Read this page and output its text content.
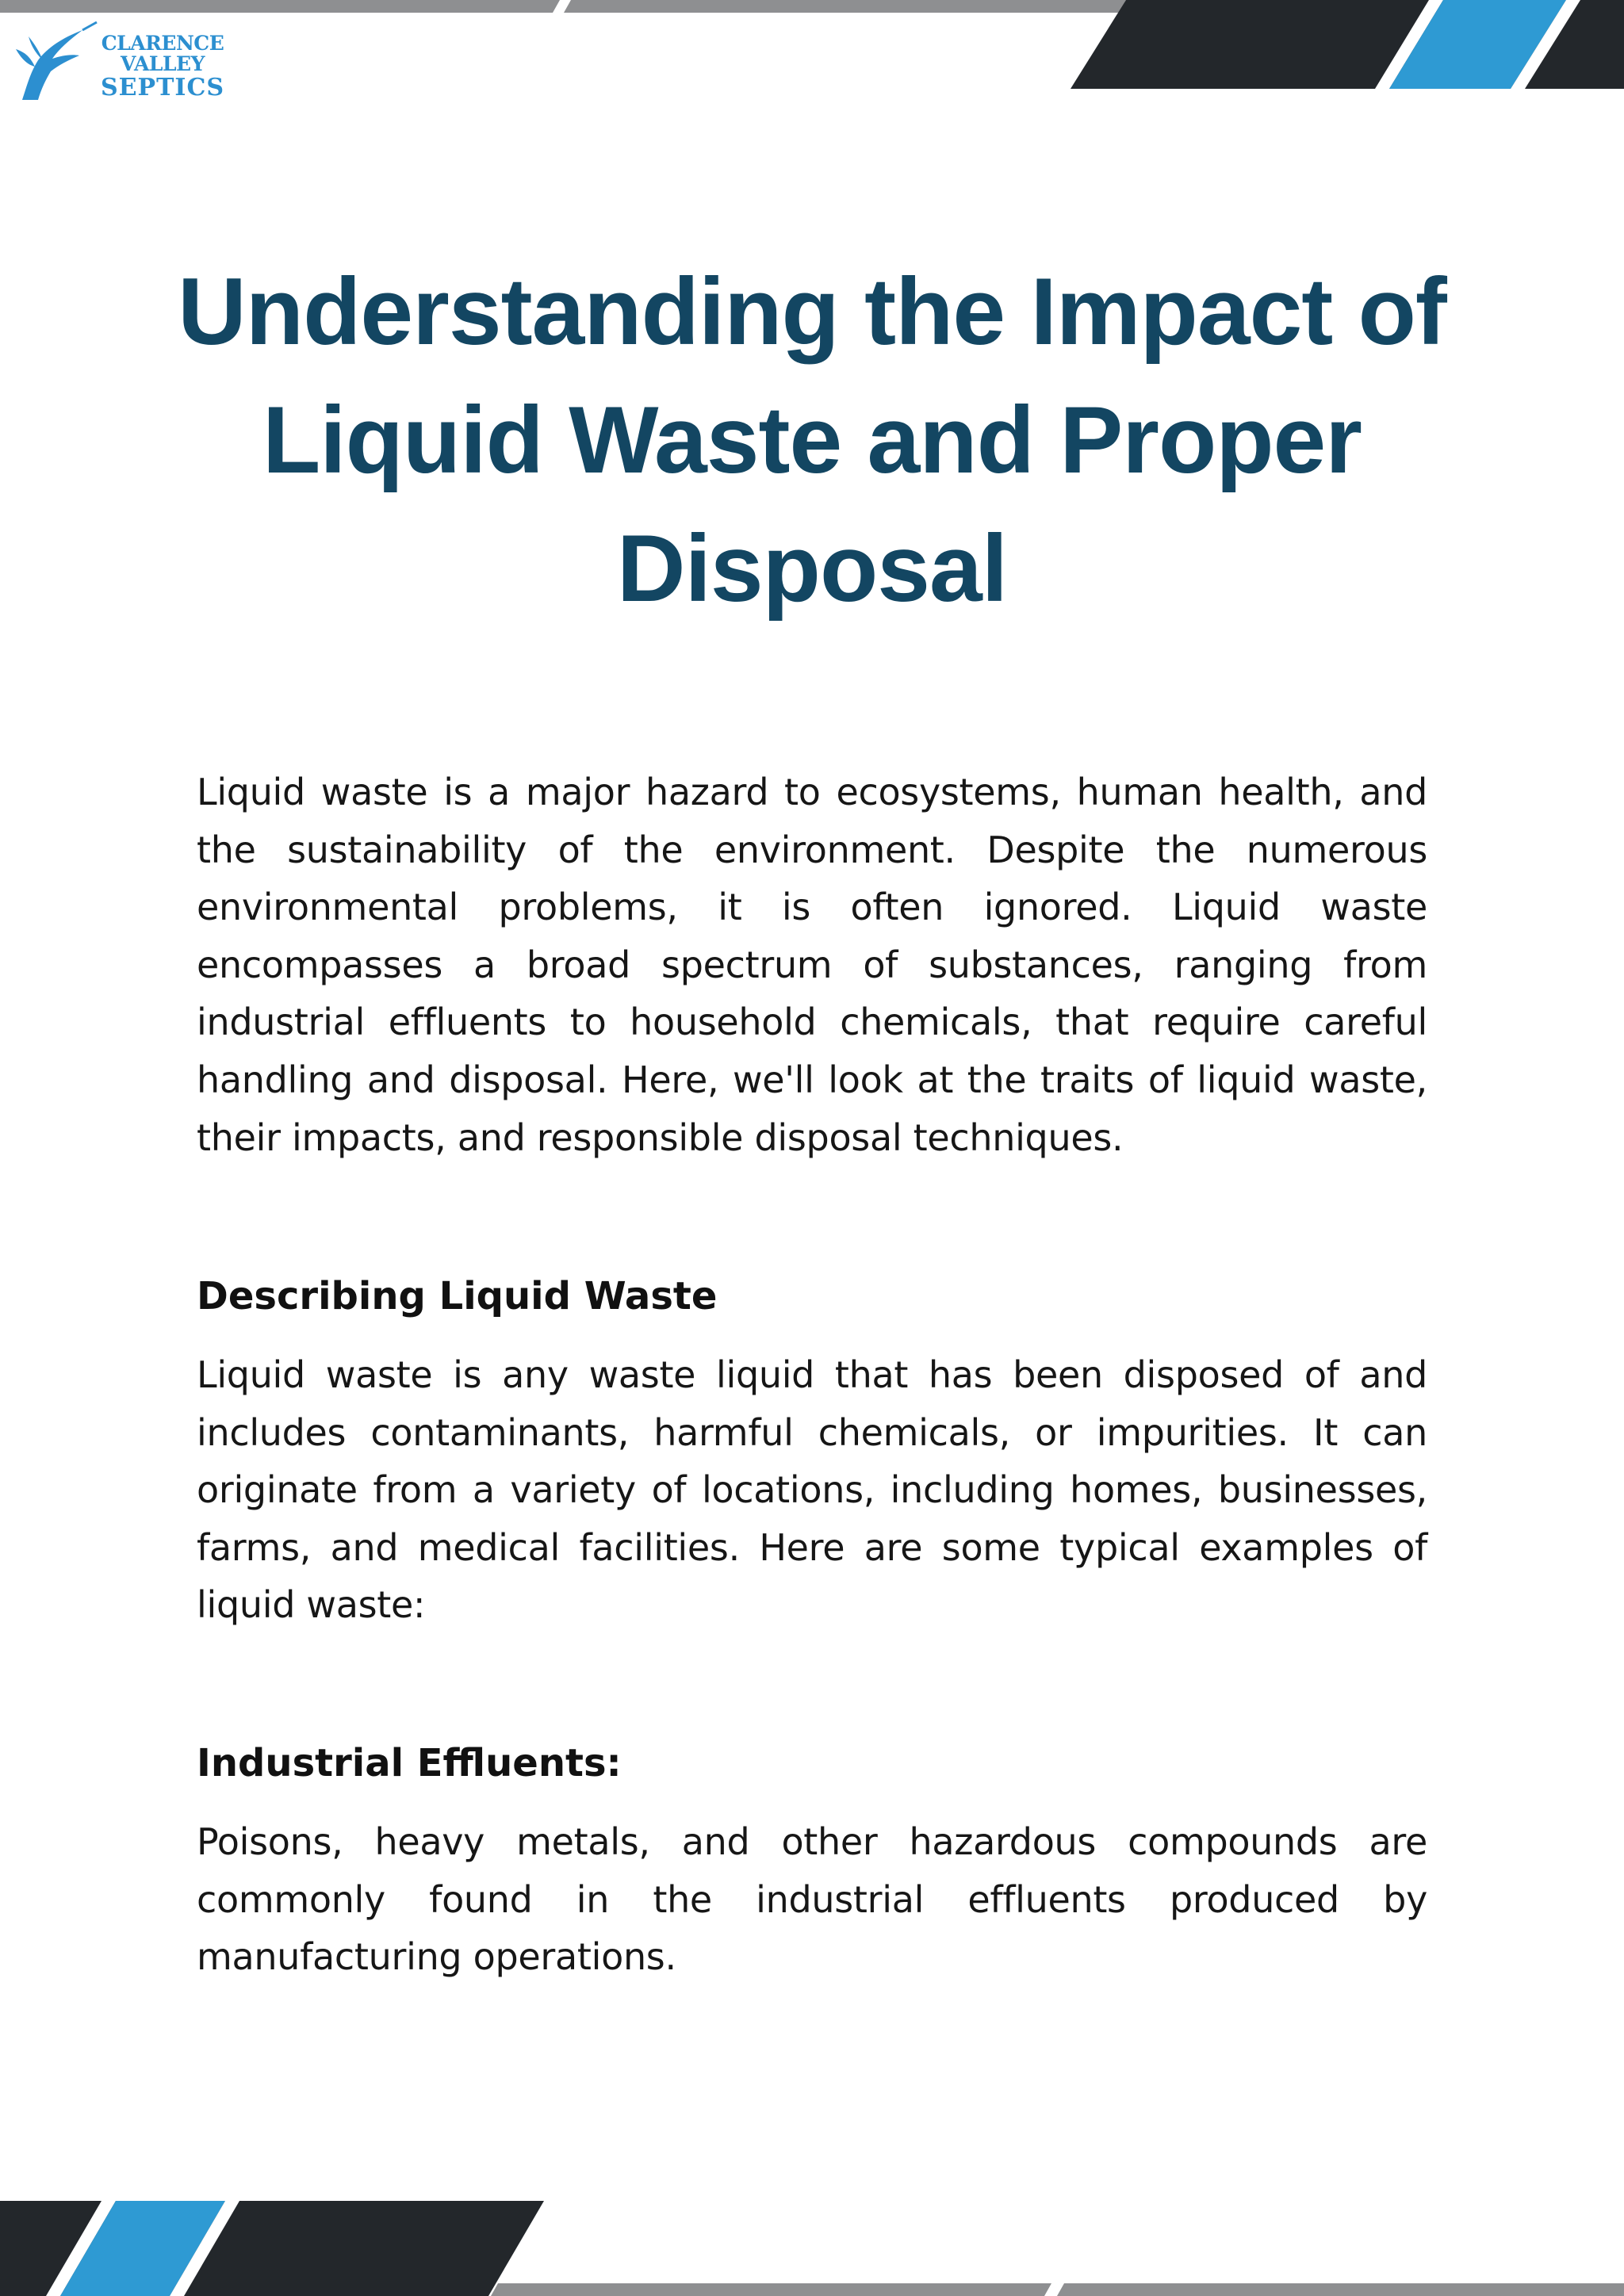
CLARENCE VALLEY
SEPTICS
Understanding the Impact of Liquid Waste and Proper Disposal

Liquid waste is a major hazard to ecosystems, human health, and the sustainability of the environment. Despite the numerous environmental problems, it is often ignored. Liquid waste encompasses a broad spectrum of substances, ranging from industrial effluents to household chemicals, that require careful handling and disposal. Here, we'll look at the traits of liquid waste, their impacts, and responsible disposal techniques.

Describing Liquid Waste

Liquid waste is any waste liquid that has been disposed of and includes contaminants, harmful chemicals, or impurities. It can originate from a variety of locations, including homes, businesses, farms, and medical facilities. Here are some typical examples of liquid waste:

Industrial Effluents:

Poisons, heavy metals, and other hazardous compounds are commonly found in the industrial effluents produced by manufacturing operations.
